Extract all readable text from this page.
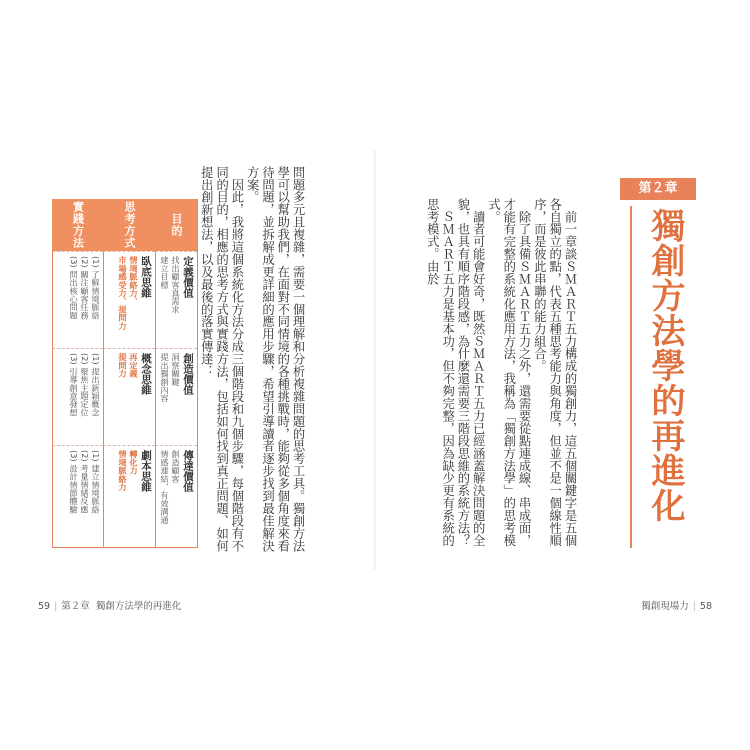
第２章
獨創方法學的再進化

　前一章談ＳＭＡＲＴ五力構成的獨創力，這五個關鍵字是五個各自獨立的點，代表五種思考能力與角度，但並不是一個線性順序，而是彼此串聯的能力組合。

　除了具備ＳＭＡＲＴ五力之外，還需要從點連成線、串成面，才能有完整的系統化應用方法，我稱為「獨創方法學」的思考模式。

　讀者可能會好奇，既然ＳＭＡＲＴ五力已經涵蓋解決問題的全貌，也具有順序階段感，為什麼還需要三階段思維的系統方法？

　ＳＭＡＲＴ五力是基本功，但不夠完整，因為缺少更有系統的思考模式。由於

問題多元且複雜，需要一個理解和分析複雜問題的思考工具。獨創方法學可以幫助我們，在面對不同情境的各種挑戰時，能夠從多個角度來看待問題，並拆解成更詳細的應用步驟，希望引導讀者逐步找到最佳解決方案。

　因此，我將這個系統化方法分成三個階段和九個步驟，每個階段有不同的目的，相應的思考方式與實踐方法，包括如何找到真正問題、如何提出創新想法，以及最後的落實傳達：

實踐方法	思考方式	目的
(1) 了解情境脈絡
(2) 關注顧客任務
(3) 問出核心問題	臥底思維
情境脈絡力、
市場感受力、提問力	定義價值
找出顧客真需求
建立目標
(1) 提出新穎概念
(2) 聚焦主題定位
(3) 引導創意發想	概念思維
再定義
提問力	創造價值
洞察關鍵
提出獨創內容
(1) 建立情境脈絡
(2) 考量情緒反應
(3) 設計情節體驗	劇本思維
轉化力
情境脈絡力	傳達價值
創造顧客
情感連結，有效溝通
59 | 第２章 獨創方法學的再進化	獨創現場力 | 58
